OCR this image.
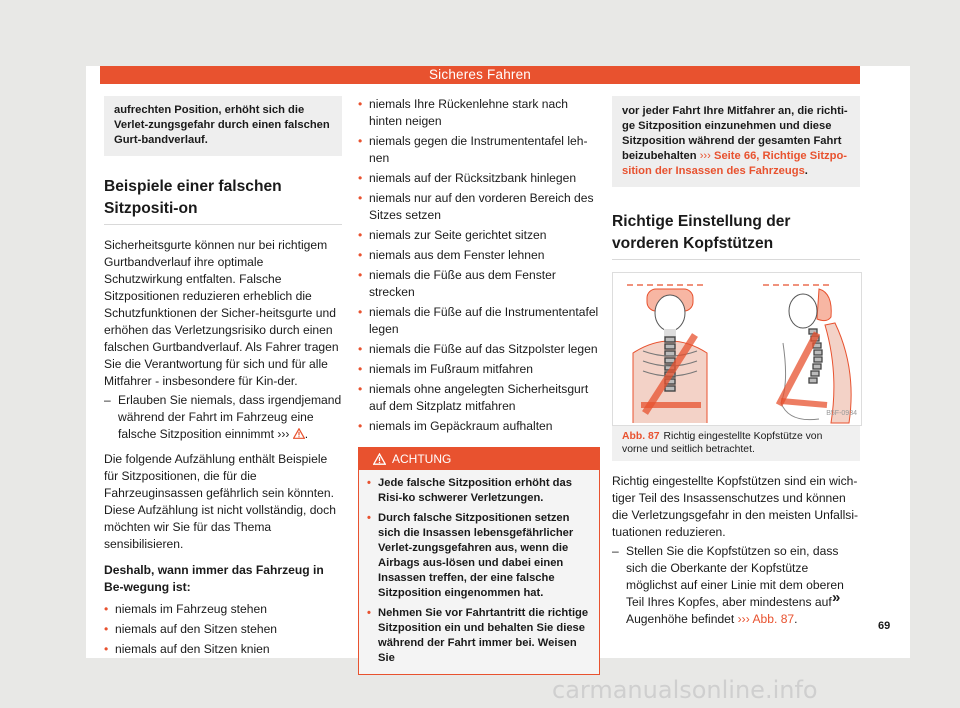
Sicheres Fahren
aufrechten Position, erhöht sich die Verlet-zungsgefahr durch einen falschen Gurt-bandverlauf.
Beispiele einer falschen Sitzpositi-on

Sicherheitsgurte können nur bei richtigem Gurtbandverlauf ihre optimale Schutzwirkung entfalten. Falsche Sitzpositionen reduzieren erheblich die Schutzfunktionen der Sicher-heitsgurte und erhöhen das Verletzungsrisiko durch einen falschen Gurtbandverlauf. Als Fahrer tragen Sie die Verantwortung für sich und für alle Mitfahrer - insbesondere für Kin-der.

– Erlauben Sie niemals, dass irgendjemand während der Fahrt im Fahrzeug eine falsche Sitzposition einnimmt ››› .

Die folgende Aufzählung enthält Beispiele für Sitzpositionen, die für die Fahrzeuginsassen gefährlich sein könnten. Diese Aufzählung ist nicht vollständig, doch möchten wir Sie für das Thema sensibilisieren.

Deshalb, wann immer das Fahrzeug in Be-wegung ist:

• niemals im Fahrzeug stehen
• niemals auf den Sitzen stehen
• niemals auf den Sitzen knien
• niemals Ihre Rückenlehne stark nach hinten neigen
• niemals gegen die Instrumententafel leh-nen
• niemals auf der Rücksitzbank hinlegen
• niemals nur auf den vorderen Bereich des Sitzes setzen
• niemals zur Seite gerichtet sitzen
• niemals aus dem Fenster lehnen
• niemals die Füße aus dem Fenster strecken
• niemals die Füße auf die Instrumententafel legen
• niemals die Füße auf das Sitzpolster legen
• niemals im Fußraum mitfahren
• niemals ohne angelegten Sicherheitsgurt auf dem Sitzplatz mitfahren
• niemals im Gepäckraum aufhalten
ACHTUNG
• Jede falsche Sitzposition erhöht das Risi-ko schwerer Verletzungen.
• Durch falsche Sitzpositionen setzen sich die Insassen lebensgefährlicher Verlet-zungsgefahren aus, wenn die Airbags aus-lösen und dabei einen Insassen treffen, der eine falsche Sitzposition eingenommen hat.
• Nehmen Sie vor Fahrtantritt die richtige Sitzposition ein und behalten Sie diese während der Fahrt immer bei. Weisen Sie
vor jeder Fahrt Ihre Mitfahrer an, die richti-ge Sitzposition einzunehmen und diese Sitzposition während der gesamten Fahrt beizubehalten ››› Seite 66, Richtige Sitzpo-sition der Insassen des Fahrzeugs.
Richtige Einstellung der vorderen Kopfstützen
B5F-0934
Abb. 87 Richtig eingestellte Kopfstütze von vorne und seitlich betrachtet.

Richtig eingestellte Kopfstützen sind ein wich-tiger Teil des Insassenschutzes und können die Verletzungsgefahr in den meisten Unfallsi-tuationen reduzieren.

– Stellen Sie die Kopfstützen so ein, dass sich die Oberkante der Kopfstütze möglichst auf einer Linie mit dem oberen Teil Ihres Kopfes, aber mindestens auf Augenhöhe befindet ››› Abb. 87.
»
69
carmanualsonline.info
